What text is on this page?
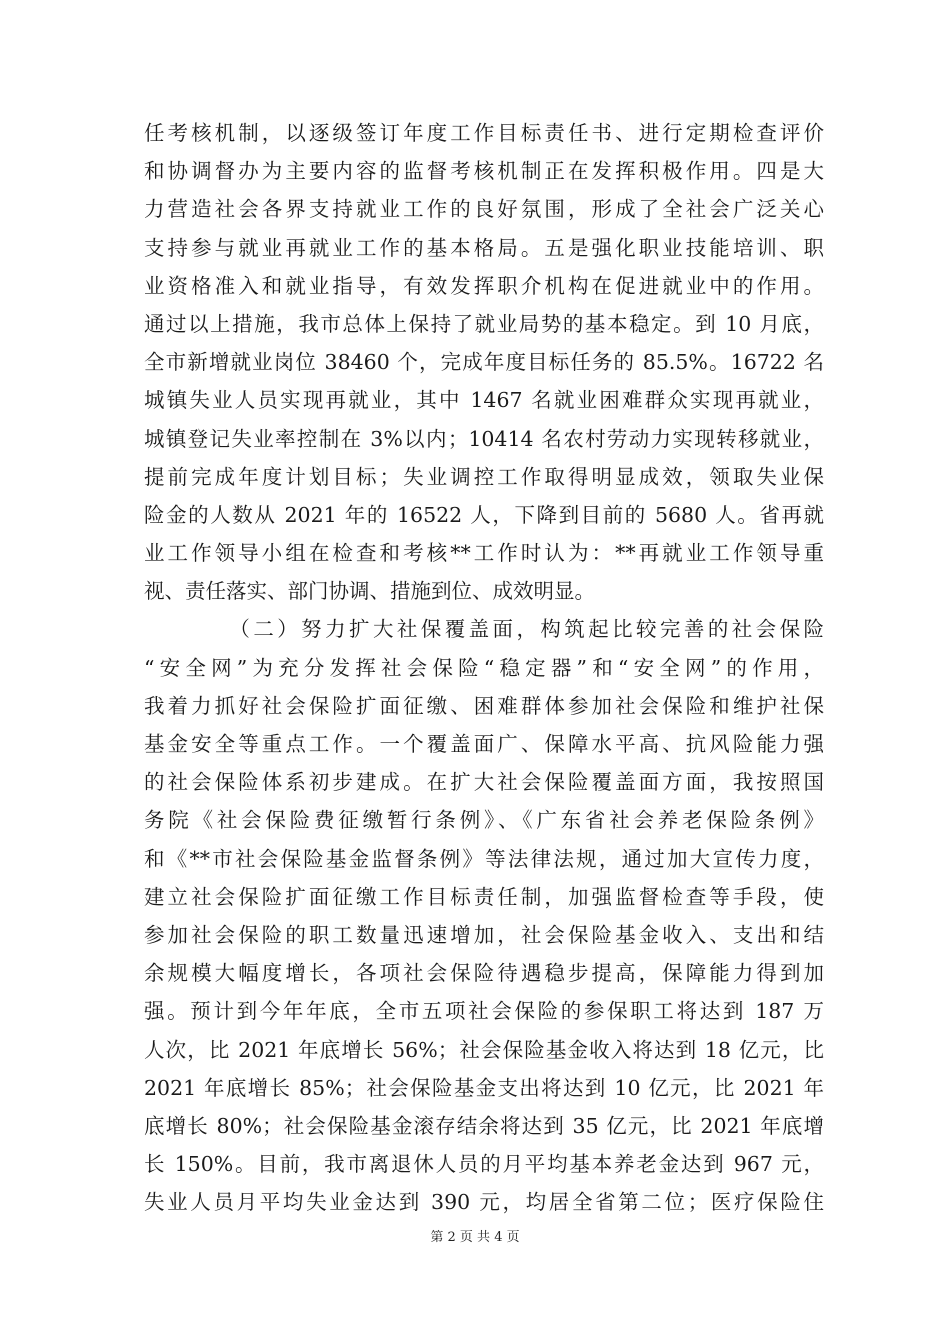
任考核机制，以逐级签订年度工作目标责任书、进行定期检查评价
和协调督办为主要内容的监督考核机制正在发挥积极作用。四是大
力营造社会各界支持就业工作的良好氛围，形成了全社会广泛关心
支持参与就业再就业工作的基本格局。五是强化职业技能培训、职
业资格准入和就业指导，有效发挥职介机构在促进就业中的作用。
通过以上措施，我市总体上保持了就业局势的基本稳定。到 10 月底，
全市新增就业岗位 38460 个，完成年度目标任务的 85.5%。16722 名
城镇失业人员实现再就业，其中 1467 名就业困难群众实现再就业，
城镇登记失业率控制在 3%以内；10414 名农村劳动力实现转移就业，
提前完成年度计划目标；失业调控工作取得明显成效，领取失业保
险金的人数从 2021 年的 16522 人，下降到目前的 5680 人。省再就
业工作领导小组在检查和考核**工作时认为：**再就业工作领导重
视、责任落实、部门协调、措施到位、成效明显。
　　　　（二）努力扩大社保覆盖面，构筑起比较完善的社会保险
“安全网”为充分发挥社会保险“稳定器”和“安全网”的作用，
我着力抓好社会保险扩面征缴、困难群体参加社会保险和维护社保
基金安全等重点工作。一个覆盖面广、保障水平高、抗风险能力强
的社会保险体系初步建成。在扩大社会保险覆盖面方面，我按照国
务院《社会保险费征缴暂行条例》、《广东省社会养老保险条例》
和《**市社会保险基金监督条例》等法律法规，通过加大宣传力度，
建立社会保险扩面征缴工作目标责任制，加强监督检查等手段，使
参加社会保险的职工数量迅速增加，社会保险基金收入、支出和结
余规模大幅度增长，各项社会保险待遇稳步提高，保障能力得到加
强。预计到今年年底，全市五项社会保险的参保职工将达到 187 万
人次，比 2021 年底增长 56%；社会保险基金收入将达到 18 亿元，比
2021 年底增长 85%；社会保险基金支出将达到 10 亿元，比 2021 年
底增长 80%；社会保险基金滚存结余将达到 35 亿元，比 2021 年底增
长 150%。目前，我市离退休人员的月平均基本养老金达到 967 元，
失业人员月平均失业金达到 390 元，均居全省第二位；医疗保险住
第 2 页 共 4 页
